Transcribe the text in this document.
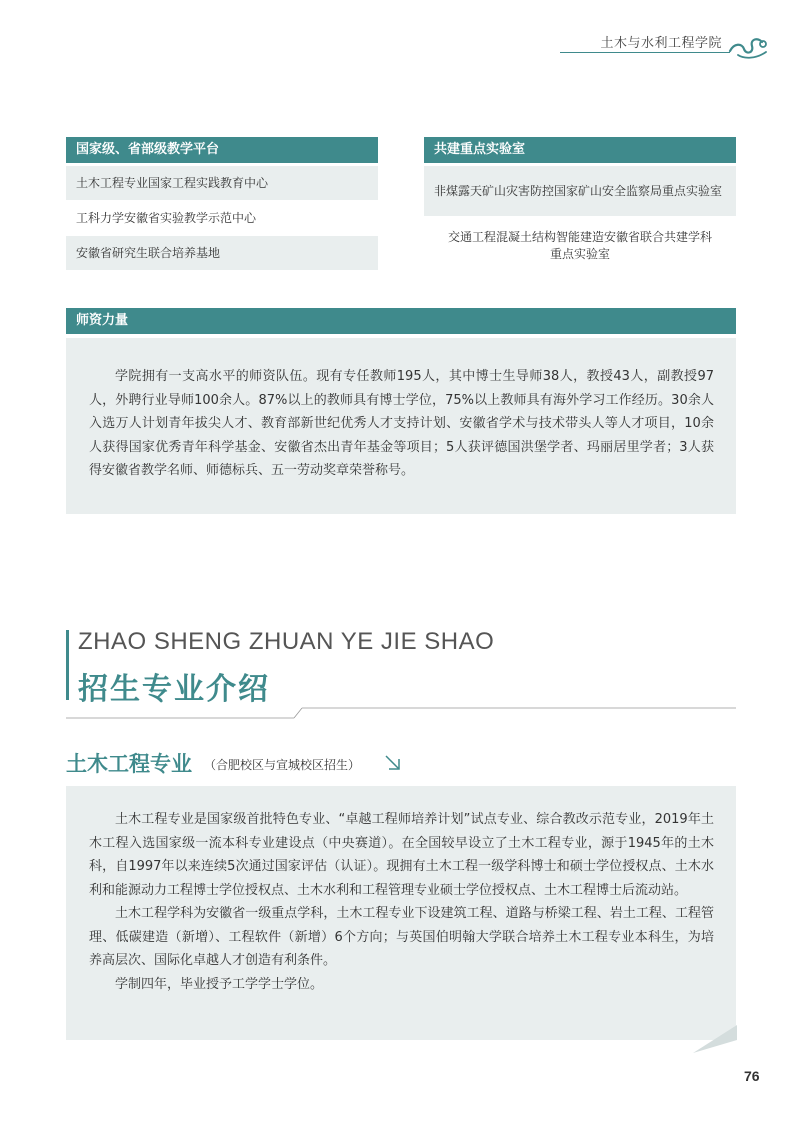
土木与水利工程学院
国家级、省部级教学平台
土木工程专业国家工程实践教育中心
工科力学安徽省实验教学示范中心
安徽省研究生联合培养基地
共建重点实验室
非煤露天矿山灾害防控国家矿山安全监察局重点实验室
交通工程混凝土结构智能建造安徽省联合共建学科
重点实验室
师资力量

学院拥有一支高水平的师资队伍。现有专任教师195人，其中博士生导师38人，教授43人，副教授97人，外聘行业导师100余人。87%以上的教师具有博士学位，75%以上教师具有海外学习工作经历。30余人入选万人计划青年拔尖人才、教育部新世纪优秀人才支持计划、安徽省学术与技术带头人等人才项目，10余人获得国家优秀青年科学基金、安徽省杰出青年基金等项目；5人获评德国洪堡学者、玛丽居里学者；3人获得安徽省教学名师、师德标兵、五一劳动奖章荣誉称号。

ZHAO SHENG ZHUAN YE JIE SHAO
招生专业介绍
土木工程专业 （合肥校区与宣城校区招生）

土木工程专业是国家级首批特色专业、“卓越工程师培养计划”试点专业、综合教改示范专业，2019年土木工程入选国家级一流本科专业建设点（中央赛道）。在全国较早设立了土木工程专业，源于1945年的土木科，自1997年以来连续5次通过国家评估（认证）。现拥有土木工程一级学科博士和硕士学位授权点、土木水利和能源动力工程博士学位授权点、土木水利和工程管理专业硕士学位授权点、土木工程博士后流动站。

土木工程学科为安徽省一级重点学科，土木工程专业下设建筑工程、道路与桥梁工程、岩土工程、工程管理、低碳建造（新增）、工程软件（新增）6个方向；与英国伯明翰大学联合培养土木工程专业本科生，为培养高层次、国际化卓越人才创造有利条件。

学制四年，毕业授予工学学士学位。

76
